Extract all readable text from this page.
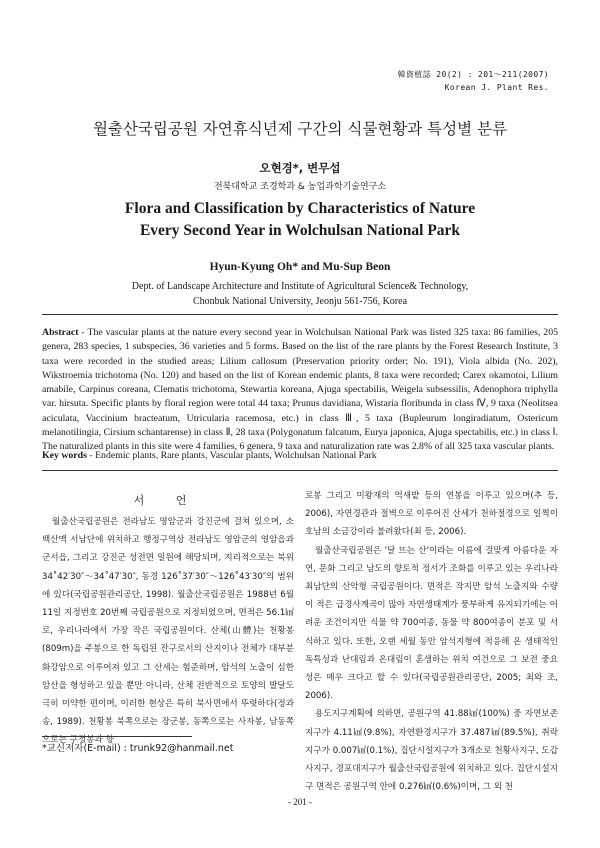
韓資植誌 20(2) : 201～211(2007)
Korean J. Plant Res.
월출산국립공원 자연휴식년제 구간의 식물현황과 특성별 분류
오현경*, 변무섭
전북대학교 조경학과 & 농업과학기술연구소
Flora and Classification by Characteristics of Nature
Every Second Year in Wolchulsan National Park
Hyun-Kyung Oh* and Mu-Sup Beon
Dept. of Landscape Architecture and Institute of Agricultural Science& Technology,
Chonbuk National University, Jeonju 561-756, Korea
Abstract - The vascular plants at the nature every second year in Wolchulsan National Park was listed 325 taxa: 86 families, 205 genera, 283 species, 1 subspecies, 36 varieties and 5 forms. Based on the list of the rare plants by the Forest Research Institute, 3 taxa were recorded in the studied areas; Lilium callosum (Preservation priority order; No. 191), Viola albida (No. 202), Wikstroemia trichotoma (No. 120) and based on the list of Korean endemic plants, 8 taxa were recorded; Carex okamotoi, Lilium amabile, Carpinus coreana, Clematis trichotoma, Stewartia koreana, Ajuga spectabilis, Weigela subsessilis, Adenophora triphylla var. hirsuta. Specific plants by floral region were total 44 taxa; Prunus davidiana, Wistaria floribunda in class Ⅳ, 9 taxa (Neolitsea aciculata, Vaccinium bracteatum, Utricularia racemosa, etc.) in class Ⅲ, 5 taxa (Bupleurum longiradiatum, Ostericum melanotilingia, Cirsium schantarense) in class Ⅱ, 28 taxa (Polygonatum falcatum, Eurya japonica, Ajuga spectabilis, etc.) in class Ⅰ. The naturalized plants in this site were 4 families, 6 genera, 9 taxa and naturalization rate was 2.8% of all 325 taxa vascular plants.
Key words - Endemic plants, Rare plants, Vascular plants, Wolchulsan National Park
서 언

월출산국립공원은 전라남도 영암군과 강진군에 걸쳐 있으며, 소백산맥 서남단에 위치하고 행정구역상 전라남도 영암군의 영암읍과 군서읍, 그리고 강진군 성전면 일원에 해당되며, 지리적으로는 북위 34˚42′30″～34˚47′30″, 동경 126˚37′30″～126˚43′30″의 범위에 있다(국립공원관리공단, 1998). 월출산국립공원은 1988년 6월 11일 지정번호 20번째 국립공원으로 지정되었으며, 면적은 56.1㎢로, 우리나라에서 가장 작은 국립공원이다. 산체(山體)는 천황봉(809m)을 주봉으로 한 독립된 잔구로서의 산지이나 전체가 대부분 화강암으로 이루어져 있고 그 산세는 험준하며, 암석의 노출이 심한 암산을 형성하고 있을 뿐만 아니라, 산체 전반적으로 토양의 발달도 극히 미약한 편이며, 이러한 현상은 특히 북사면에서 뚜렷하다(정과 송, 1989). 천황봉 북쪽으로는 장군봉, 동쪽으로는 사자봉, 남동쪽으로는 구정봉과 향

로봉 그리고 미왕재의 억새밭 등의 연봉을 이루고 있으며(추 등, 2006), 자연경관과 절벽으로 이루어진 산세가 천하절경으로 일찍이 호남의 소금강이라 불려왔다(최 등, 2006).

월출산국립공원은 '달 뜨는 산'이라는 이름에 걸맞게 아름다운 자연, 문화 그리고 남도의 향토적 정서가 조화를 이루고 있는 우리나라 최남단의 산악형 국립공원이다. 면적은 작지만 암석 노출지와 수량이 적은 급경사계곡이 많아 자연생태계가 풍부하게 유지되기에는 어려운 조건이지만 식물 약 700여종, 동물 약 800여종이 분포 및 서식하고 있다. 또한, 오랜 세월 동안 암석지형에 적응해 온 생태적인 독특성과 난대림과 온대림이 혼생하는 위치 여건으로 그 보전 중요성은 매우 크다고 할 수 있다(국립공원관리공단, 2005; 최와 조, 2006).

용도지구계획에 의하면, 공원구역 41.88㎢(100%) 중 자연보존지구가 4.11㎢(9.8%), 자연환경지구가 37.487㎢(89.5%), 취락지구가 0.007㎢(0.1%), 집단시설지구가 3개소로 천황사지구, 도갑사지구, 경포대지구가 월출산국립공원에 위치하고 있다. 집단시설지구 면적은 공원구역 안에 0.276㎢(0.6%)이며, 그 외 천

*교신저자(E-mail) : trunk92@hanmail.net
- 201 -
